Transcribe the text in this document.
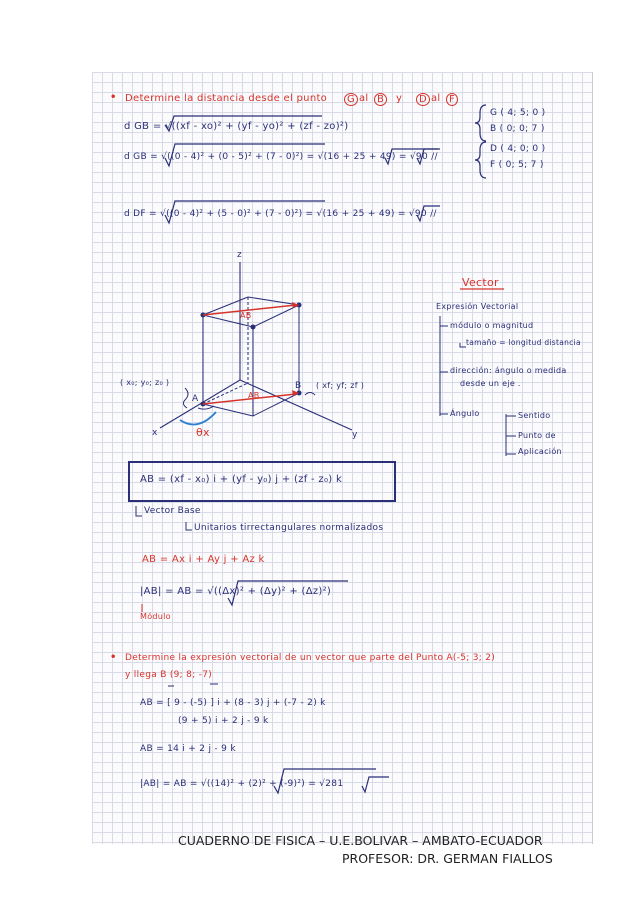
• Determine la distancia desde el punto	G al B	y	D al F
d GB = √((xf - xo)² + (yf - yo)² + (zf - zo)²)
d GB = √((0 - 4)² + (0 - 5)² + (7 - 0)²) = √(16 + 25 + 49) = √90 //
d DF = √((0 - 4)² + (5 - 0)² + (7 - 0)²) = √(16 + 25 + 49) = √90 //
G ( 4; 5; 0 )
B ( 0; 0; 7 )
D ( 4; 0; 0 )
F ( 0; 5; 7 )
z
x	y
A
B
( x₀; y₀; z₀ )	( xf; yf; zf )
AB
AB
θx
Vector
Expresión Vectorial
módulo o magnitud
tamaño = longitud distancia
dirección: ángulo o medida
desde un eje .
Ángulo	Sentido
Punto de
Aplicación
AB = (xf - x₀) i + (yf - y₀) j + (zf - z₀) k
Vector Base
Unitarios tirrectangulares normalizados
AB = Ax i + Ay j + Az k
|AB| = AB = √((Δx)² + (Δy)² + (Δz)²)
Módulo
• Determine la expresión vectorial de un vector que parte del Punto A(-5; 3; 2)
y llega B (9; 8; -7)
AB = [ 9 - (-5) ] i + (8 - 3) j + (-7 - 2) k
(9 + 5) i + 2 j - 9 k
AB = 14 i + 2 j - 9 k
|AB| = AB = √((14)² + (2)² + (-9)²) = √281
CUADERNO DE FISICA – U.E.BOLIVAR – AMBATO-ECUADOR
PROFESOR: DR. GERMAN FIALLOS
